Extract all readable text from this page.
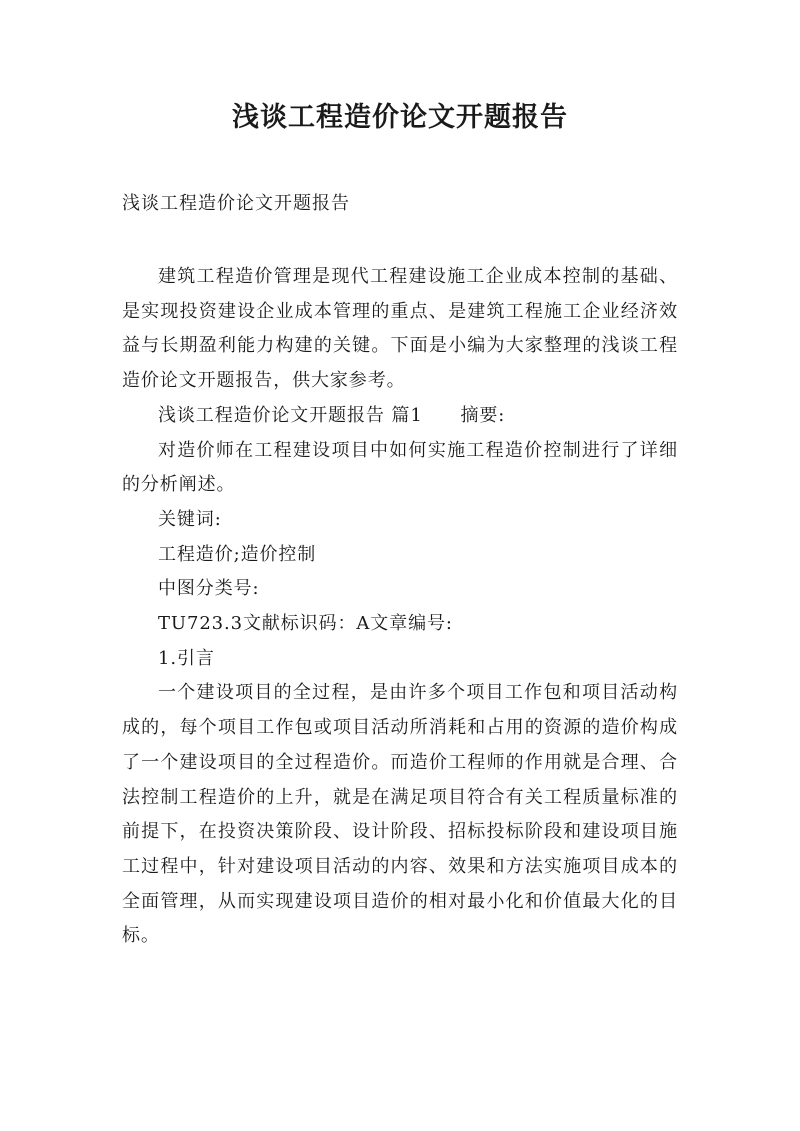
浅谈工程造价论文开题报告
浅谈工程造价论文开题报告

建筑工程造价管理是现代工程建设施工企业成本控制的基础、是实现投资建设企业成本管理的重点、是建筑工程施工企业经济效益与长期盈利能力构建的关键。下面是小编为大家整理的浅谈工程造价论文开题报告，供大家参考。

浅谈工程造价论文开题报告 篇1　　摘要:

对造价师在工程建设项目中如何实施工程造价控制进行了详细的分析阐述。

关键词:

工程造价;造价控制

中图分类号:

TU723.3文献标识码：A文章编号:

1.引言

一个建设项目的全过程，是由许多个项目工作包和项目活动构成的，每个项目工作包或项目活动所消耗和占用的资源的造价构成了一个建设项目的全过程造价。而造价工程师的作用就是合理、合法控制工程造价的上升，就是在满足项目符合有关工程质量标准的前提下，在投资决策阶段、设计阶段、招标投标阶段和建设项目施工过程中，针对建设项目活动的内容、效果和方法实施项目成本的全面管理，从而实现建设项目造价的相对最小化和价值最大化的目标。
